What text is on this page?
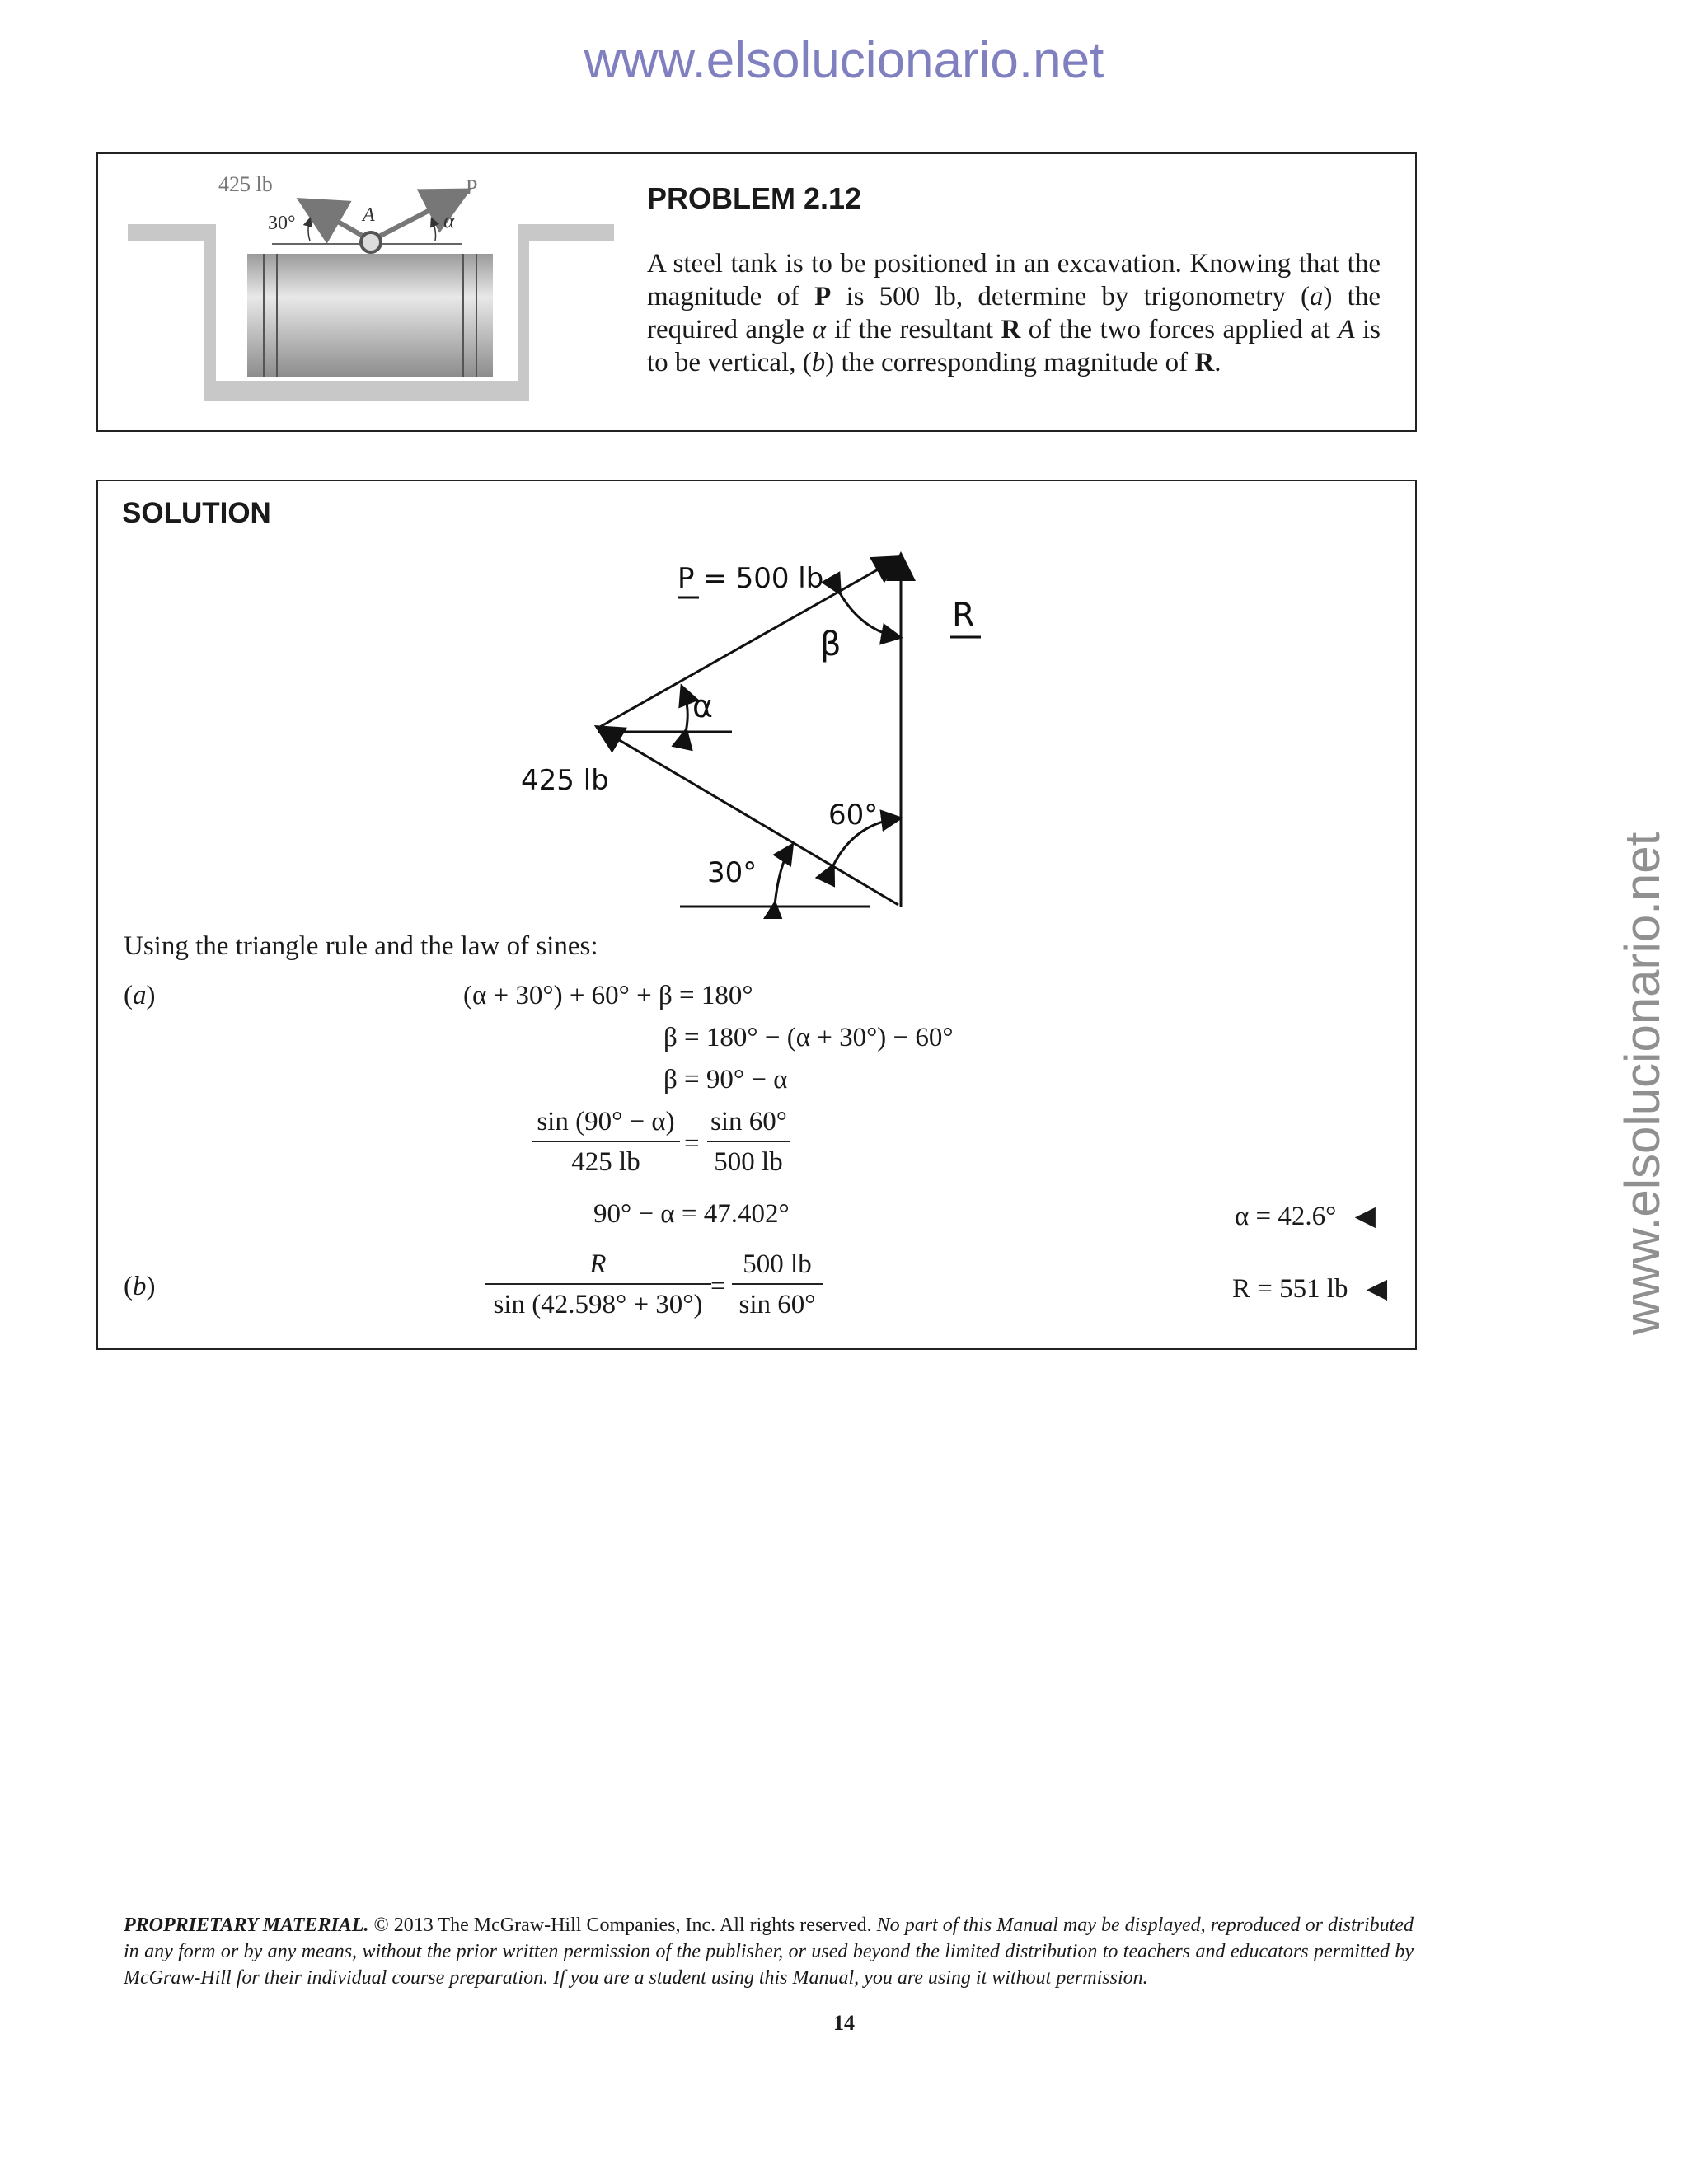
www.elsolucionario.net
www.elsolucionario.net
425 lb
30°	A
P
α
PROBLEM 2.12
A steel tank is to be positioned in an excavation. Knowing that the magnitude of P is 500 lb, determine by trigonometry (a) the required angle α if the resultant R of the two forces applied at A is to be vertical, (b) the corresponding magnitude of R.
SOLUTION
P = 500 lb
R
β
α
425 lb
60°
30°
Using the triangle rule and the law of sines:
(a)	(α + 30°) + 60° + β = 180°
β = 180° − (α + 30°) − 60°
β = 90° − α
$\frac{\sin (90^\circ - \alpha)}{425 lb} = \frac{\sin 60^\circ}{500 lb}$
90° − α = 47.402°	α = 42.6° ◀
(b)	$\frac{R}{\sin (42.598^\circ + 30^\circ)} = \frac{500 lb}{\sin 60^\circ}$	R = 551 lb ◀
PROPRIETARY MATERIAL. © 2013 The McGraw-Hill Companies, Inc. All rights reserved. No part of this Manual may be displayed, reproduced or distributed in any form or by any means, without the prior written permission of the publisher, or used beyond the limited distribution to teachers and educators permitted by McGraw-Hill for their individual course preparation. If you are a student using this Manual, you are using it without permission.
14
